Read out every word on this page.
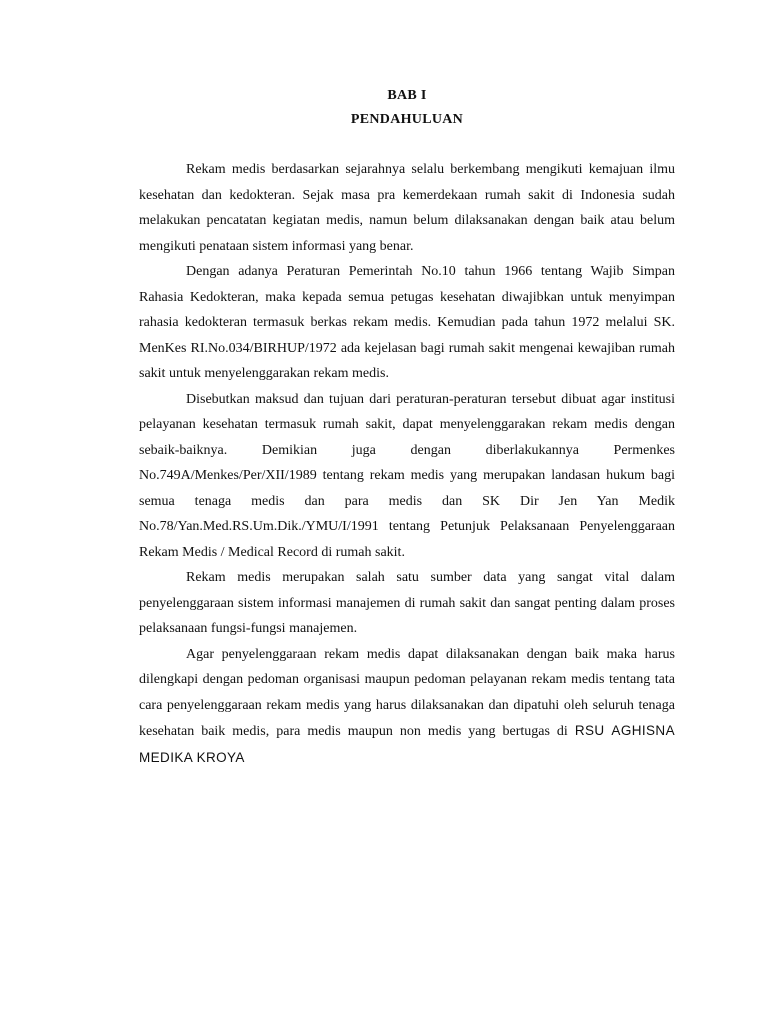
BAB I

PENDAHULUAN

Rekam medis berdasarkan sejarahnya selalu berkembang mengikuti kemajuan ilmu kesehatan dan kedokteran. Sejak masa pra kemerdekaan rumah sakit di Indonesia sudah melakukan pencatatan kegiatan medis, namun belum dilaksanakan dengan baik atau belum mengikuti penataan sistem informasi yang benar.

Dengan adanya Peraturan Pemerintah No.10 tahun 1966 tentang Wajib Simpan Rahasia Kedokteran, maka kepada semua petugas kesehatan diwajibkan untuk menyimpan rahasia kedokteran termasuk berkas rekam medis. Kemudian pada tahun 1972 melalui SK. MenKes RI.No.034/BIRHUP/1972 ada kejelasan bagi rumah sakit mengenai kewajiban rumah sakit untuk menyelenggarakan rekam medis.

Disebutkan maksud dan tujuan dari peraturan-peraturan tersebut dibuat agar institusi pelayanan kesehatan termasuk rumah sakit, dapat menyelenggarakan rekam medis dengan sebaik-baiknya. Demikian juga dengan diberlakukannya Permenkes No.749A/Menkes/Per/XII/1989 tentang rekam medis yang merupakan landasan hukum bagi semua tenaga medis dan para medis dan SK Dir Jen Yan Medik No.78/Yan.Med.RS.Um.Dik./YMU/I/1991 tentang Petunjuk Pelaksanaan Penyelenggaraan Rekam Medis / Medical Record di rumah sakit.

Rekam medis merupakan salah satu sumber data yang sangat vital dalam penyelenggaraan sistem informasi manajemen di rumah sakit dan sangat penting dalam proses pelaksanaan fungsi-fungsi manajemen.

Agar penyelenggaraan rekam medis dapat dilaksanakan dengan baik maka harus dilengkapi dengan pedoman organisasi maupun pedoman pelayanan rekam medis tentang tata cara penyelenggaraan rekam medis yang harus dilaksanakan dan dipatuhi oleh seluruh tenaga kesehatan baik medis, para medis maupun non medis yang bertugas di RSU AGHISNA MEDIKA KROYA
